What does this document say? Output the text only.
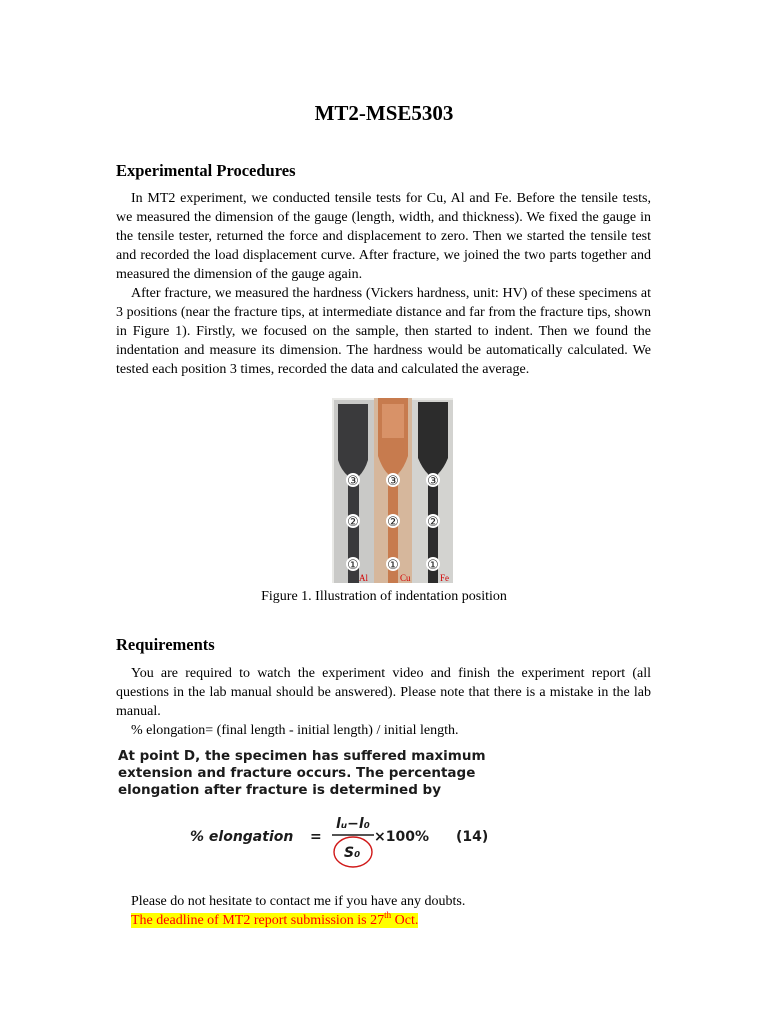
MT2-MSE5303
Experimental Procedures

In MT2 experiment, we conducted tensile tests for Cu, Al and Fe. Before the tensile tests, we measured the dimension of the gauge (length, width, and thickness). We fixed the gauge in the tensile tester, returned the force and displacement to zero. Then we started the tensile test and recorded the load displacement curve. After fracture, we joined the two parts together and measured the dimension of the gauge again.

After fracture, we measured the hardness (Vickers hardness, unit: HV) of these specimens at 3 positions (near the fracture tips, at intermediate distance and far from the fracture tips, shown in Figure 1). Firstly, we focused on the sample, then started to indent. Then we found the indentation and measure its dimension. The hardness would be automatically calculated. We tested each position 3 times, recorded the data and calculated the average.

③
②
①
③
②
①
③
②
①
Al	Cu	Fe

Figure 1. Illustration of indentation position

Requirements

You are required to watch the experiment video and finish the experiment report (all questions in the lab manual should be answered). Please note that there is a mistake in the lab manual.

% elongation= (final length - initial length) / initial length.

At point D, the specimen has suffered maximum
extension and fracture occurs. The percentage
elongation after fracture is determined by
% elongation =
lᵤ−l₀
S₀
×100% (14)

Please do not hesitate to contact me if you have any doubts.

The deadline of MT2 report submission is 27th Oct.
